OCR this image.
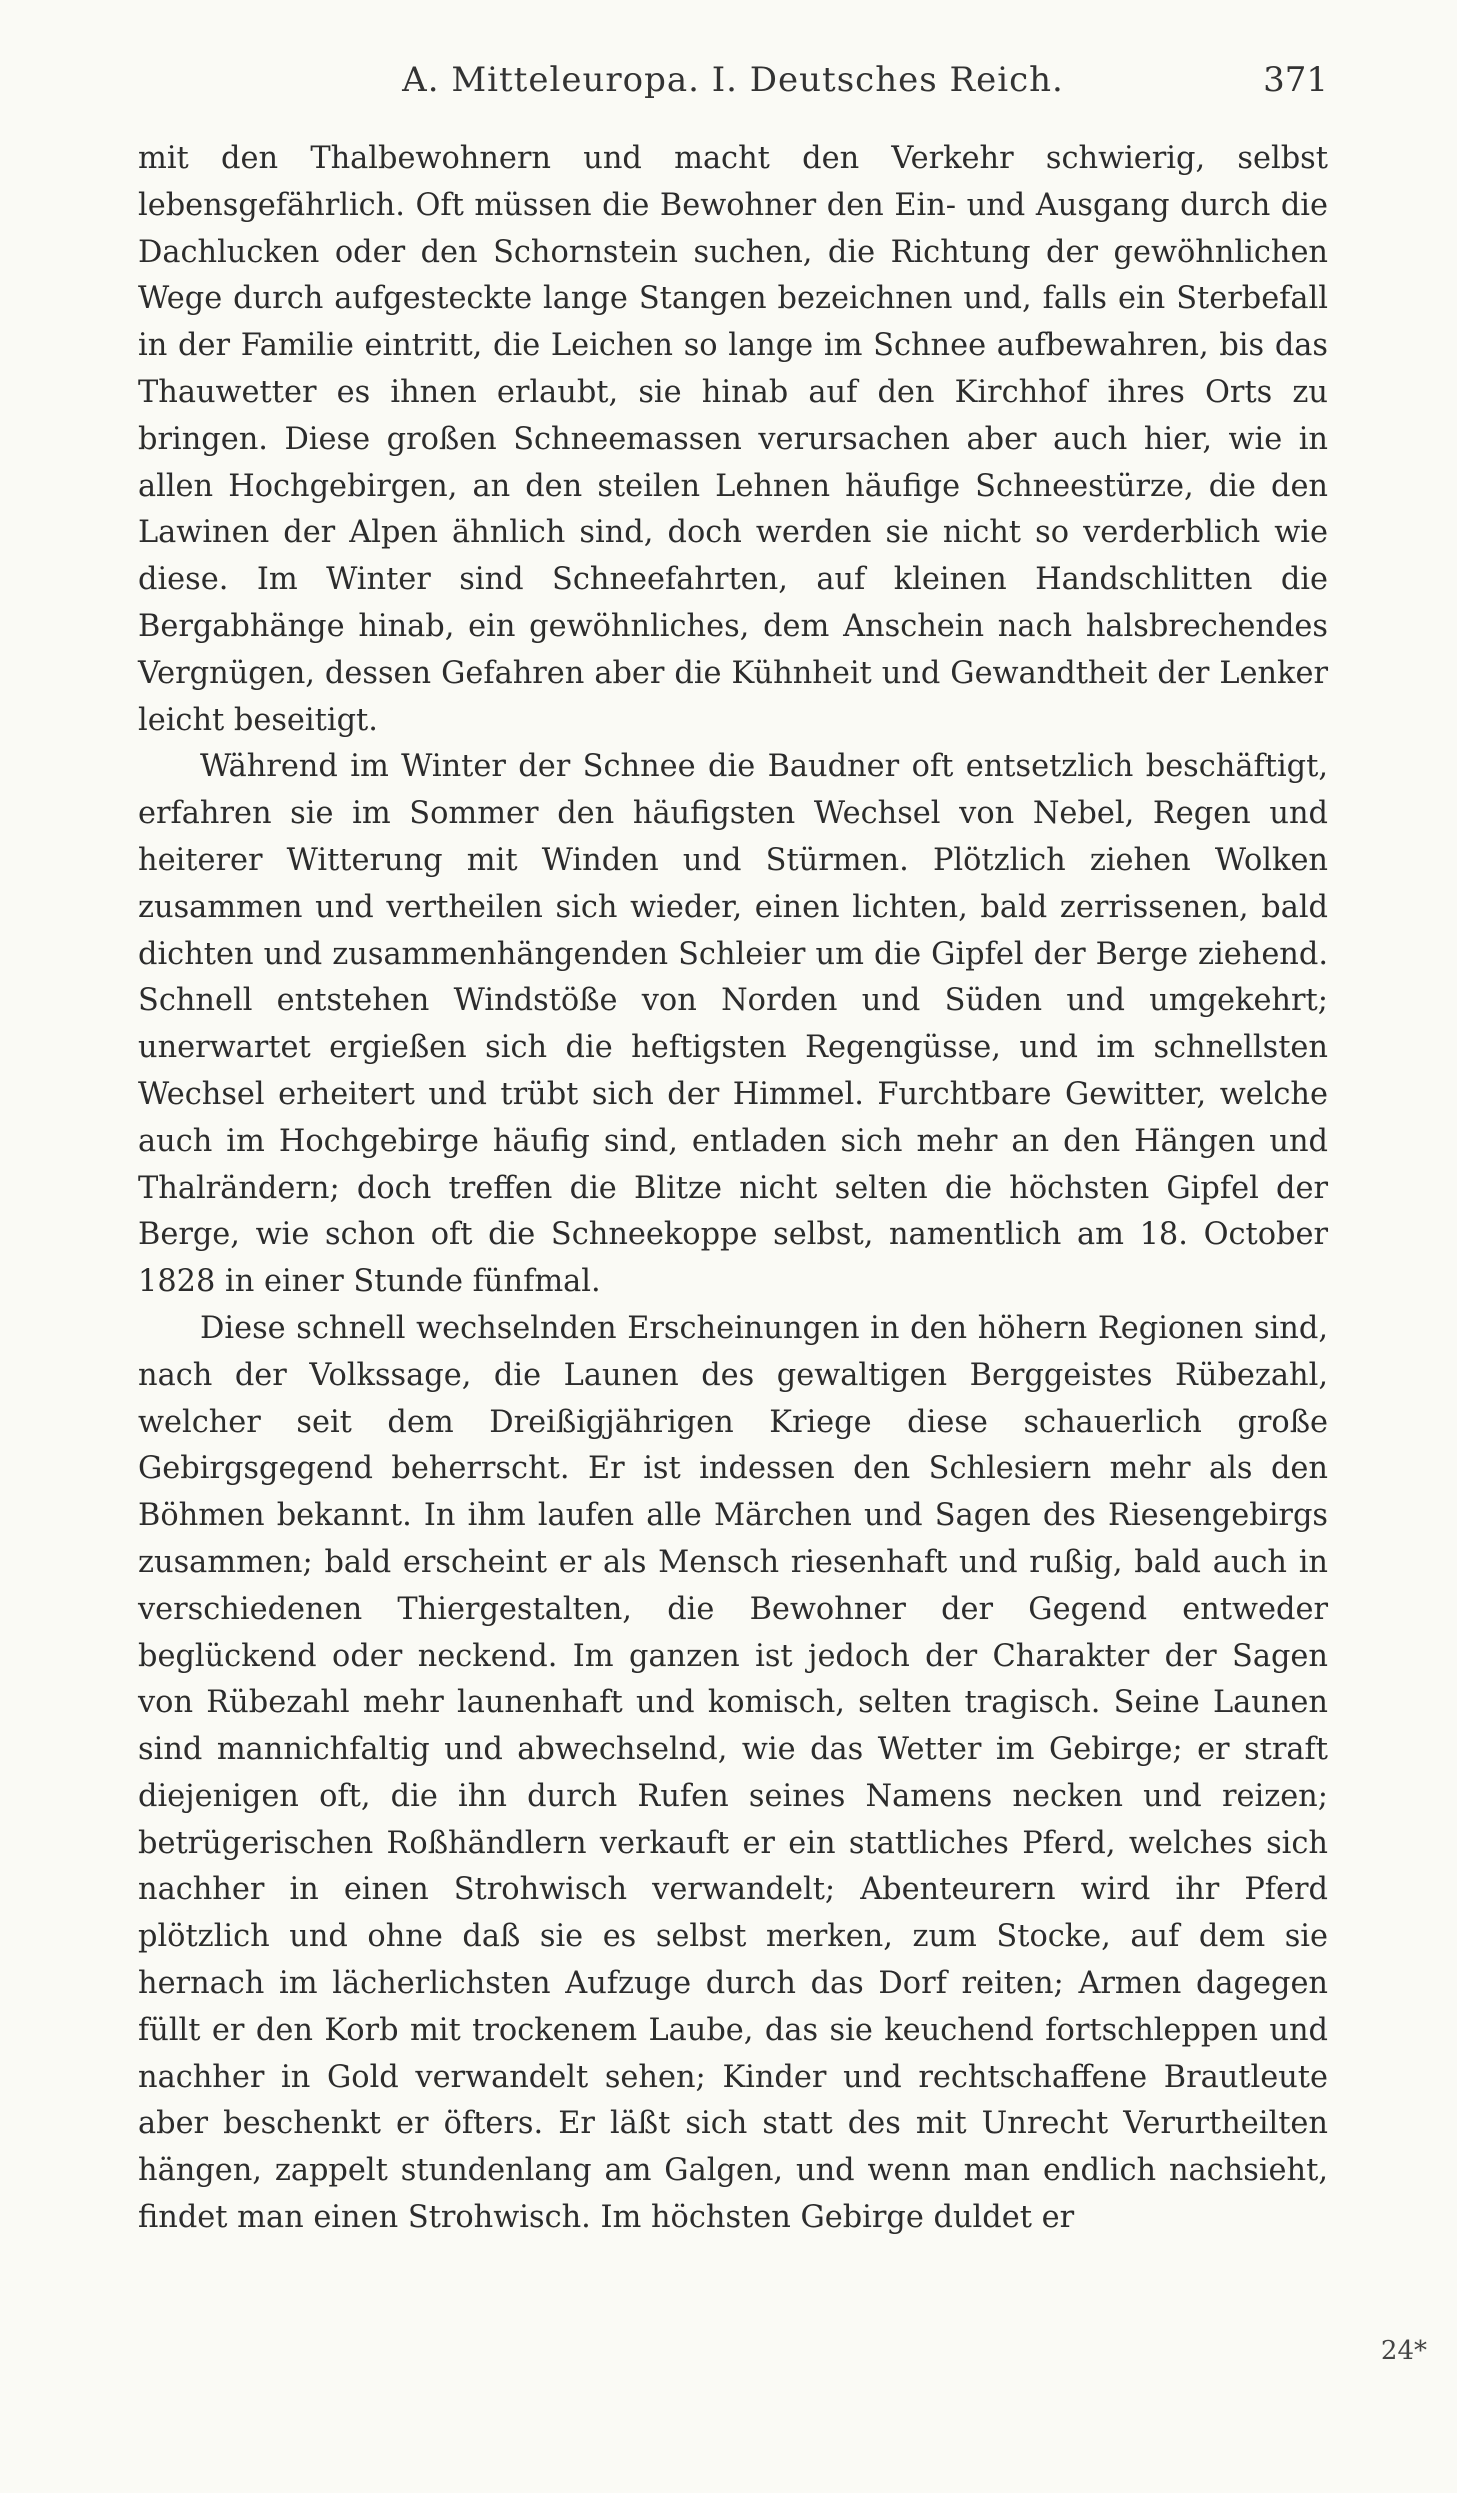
A. Mitteleuropa. I. Deutsches Reich.	371

mit den Thalbewohnern und macht den Verkehr schwierig, selbst lebensgefährlich. Oft müssen die Bewohner den Ein- und Ausgang durch die Dachlucken oder den Schornstein suchen, die Richtung der gewöhnlichen Wege durch aufgesteckte lange Stangen bezeichnen und, falls ein Sterbefall in der Familie eintritt, die Leichen so lange im Schnee aufbewahren, bis das Thauwetter es ihnen erlaubt, sie hinab auf den Kirchhof ihres Orts zu bringen. Diese großen Schneemassen verursachen aber auch hier, wie in allen Hochgebirgen, an den steilen Lehnen häufige Schneestürze, die den Lawinen der Alpen ähnlich sind, doch werden sie nicht so verderblich wie diese. Im Winter sind Schneefahrten, auf kleinen Handschlitten die Bergabhänge hinab, ein gewöhnliches, dem Anschein nach halsbrechendes Vergnügen, dessen Gefahren aber die Kühnheit und Gewandtheit der Lenker leicht beseitigt.

Während im Winter der Schnee die Baudner oft entsetzlich beschäftigt, erfahren sie im Sommer den häufigsten Wechsel von Nebel, Regen und heiterer Witterung mit Winden und Stürmen. Plötzlich ziehen Wolken zusammen und vertheilen sich wieder, einen lichten, bald zerrissenen, bald dichten und zusammenhängenden Schleier um die Gipfel der Berge ziehend. Schnell entstehen Windstöße von Norden und Süden und umgekehrt; unerwartet ergießen sich die heftigsten Regengüsse, und im schnellsten Wechsel erheitert und trübt sich der Himmel. Furchtbare Gewitter, welche auch im Hochgebirge häufig sind, entladen sich mehr an den Hängen und Thalrändern; doch treffen die Blitze nicht selten die höchsten Gipfel der Berge, wie schon oft die Schneekoppe selbst, namentlich am 18. October 1828 in einer Stunde fünfmal.

Diese schnell wechselnden Erscheinungen in den höhern Regionen sind, nach der Volkssage, die Launen des gewaltigen Berggeistes Rübezahl, welcher seit dem Dreißigjährigen Kriege diese schauerlich große Gebirgsgegend beherrscht. Er ist indessen den Schlesiern mehr als den Böhmen bekannt. In ihm laufen alle Märchen und Sagen des Riesengebirgs zusammen; bald erscheint er als Mensch riesenhaft und rußig, bald auch in verschiedenen Thiergestalten, die Bewohner der Gegend entweder beglückend oder neckend. Im ganzen ist jedoch der Charakter der Sagen von Rübezahl mehr launenhaft und komisch, selten tragisch. Seine Launen sind mannichfaltig und abwechselnd, wie das Wetter im Gebirge; er straft diejenigen oft, die ihn durch Rufen seines Namens necken und reizen; betrügerischen Roßhändlern verkauft er ein stattliches Pferd, welches sich nachher in einen Strohwisch verwandelt; Abenteurern wird ihr Pferd plötzlich und ohne daß sie es selbst merken, zum Stocke, auf dem sie hernach im lächerlichsten Aufzuge durch das Dorf reiten; Armen dagegen füllt er den Korb mit trockenem Laube, das sie keuchend fortschleppen und nachher in Gold verwandelt sehen; Kinder und rechtschaffene Brautleute aber beschenkt er öfters. Er läßt sich statt des mit Unrecht Verurtheilten hängen, zappelt stundenlang am Galgen, und wenn man endlich nachsieht, findet man einen Strohwisch. Im höchsten Gebirge duldet er

24*
